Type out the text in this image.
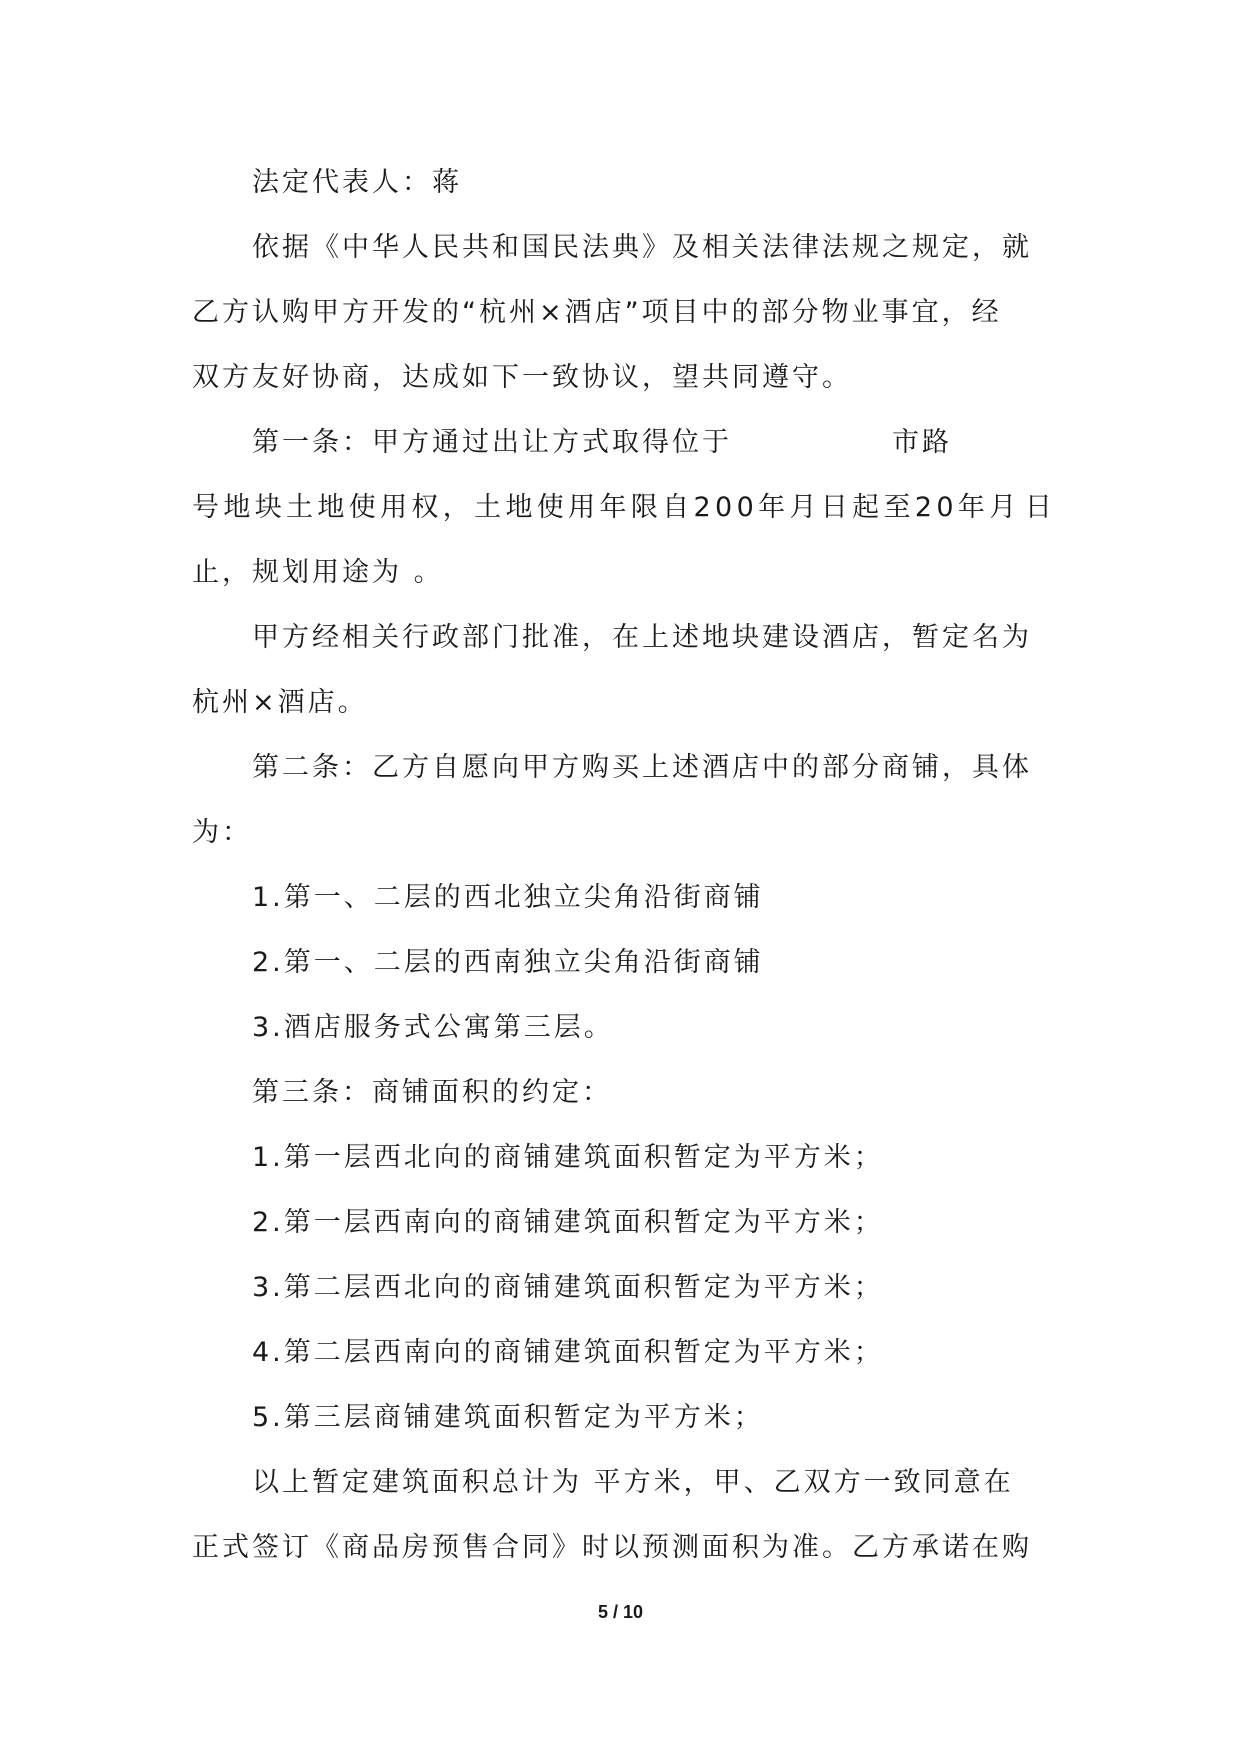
法定代表人：蒋
依据《中华人民共和国民法典》及相关法律法规之规定，就
乙方认购甲方开发的“杭州×酒店”项目中的部分物业事宜，经
双方友好协商，达成如下一致协议，望共同遵守。
第一条：甲方通过出让方式取得位于	市路
号 地 块 土 地 使 用 权 ， 土 地 使 用 年 限 自 2 0 0 年 月 日 起 至 2 0 年 月 日
止，规划用途为 。
甲方经相关行政部门批准，在上述地块建设酒店，暂定名为
杭州×酒店。
第二条：乙方自愿向甲方购买上述酒店中的部分商铺，具体
为：
1.第一、二层的西北独立尖角沿街商铺
2.第一、二层的西南独立尖角沿街商铺
3.酒店服务式公寓第三层。
第三条：商铺面积的约定：
1.第一层西北向的商铺建筑面积暂定为平方米；
2.第一层西南向的商铺建筑面积暂定为平方米；
3.第二层西北向的商铺建筑面积暂定为平方米；
4.第二层西南向的商铺建筑面积暂定为平方米；
5.第三层商铺建筑面积暂定为平方米；
以上暂定建筑面积总计为 平方米，甲、乙双方一致同意在
正式签订《商品房预售合同》时以预测面积为准。乙方承诺在购
5 / 10
